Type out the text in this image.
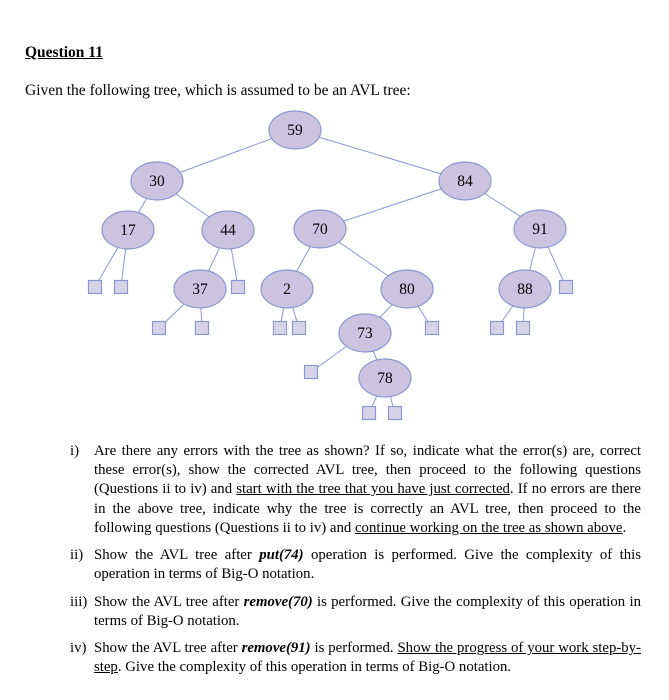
Question 11
Given the following tree, which is assumed to be an AVL tree:
59
30	84
17	44	70	91
37	2	80	88
73
78
i)	Are there any errors with the tree as shown? If so, indicate what the error(s) are, correct these error(s), show the corrected AVL tree, then proceed to the following questions (Questions ii to iv) and start with the tree that you have just corrected. If no errors are there in the above tree, indicate why the tree is correctly an AVL tree, then proceed to the following questions (Questions ii to iv) and continue working on the tree as shown above.
ii) Show the AVL tree after put(74) operation is performed. Give the complexity of this operation in terms of Big-O notation.
iii) Show the AVL tree after remove(70) is performed. Give the complexity of this operation in terms of Big-O notation.
iv) Show the AVL tree after remove(91) is performed. Show the progress of your work step-by-step. Give the complexity of this operation in terms of Big-O notation.
